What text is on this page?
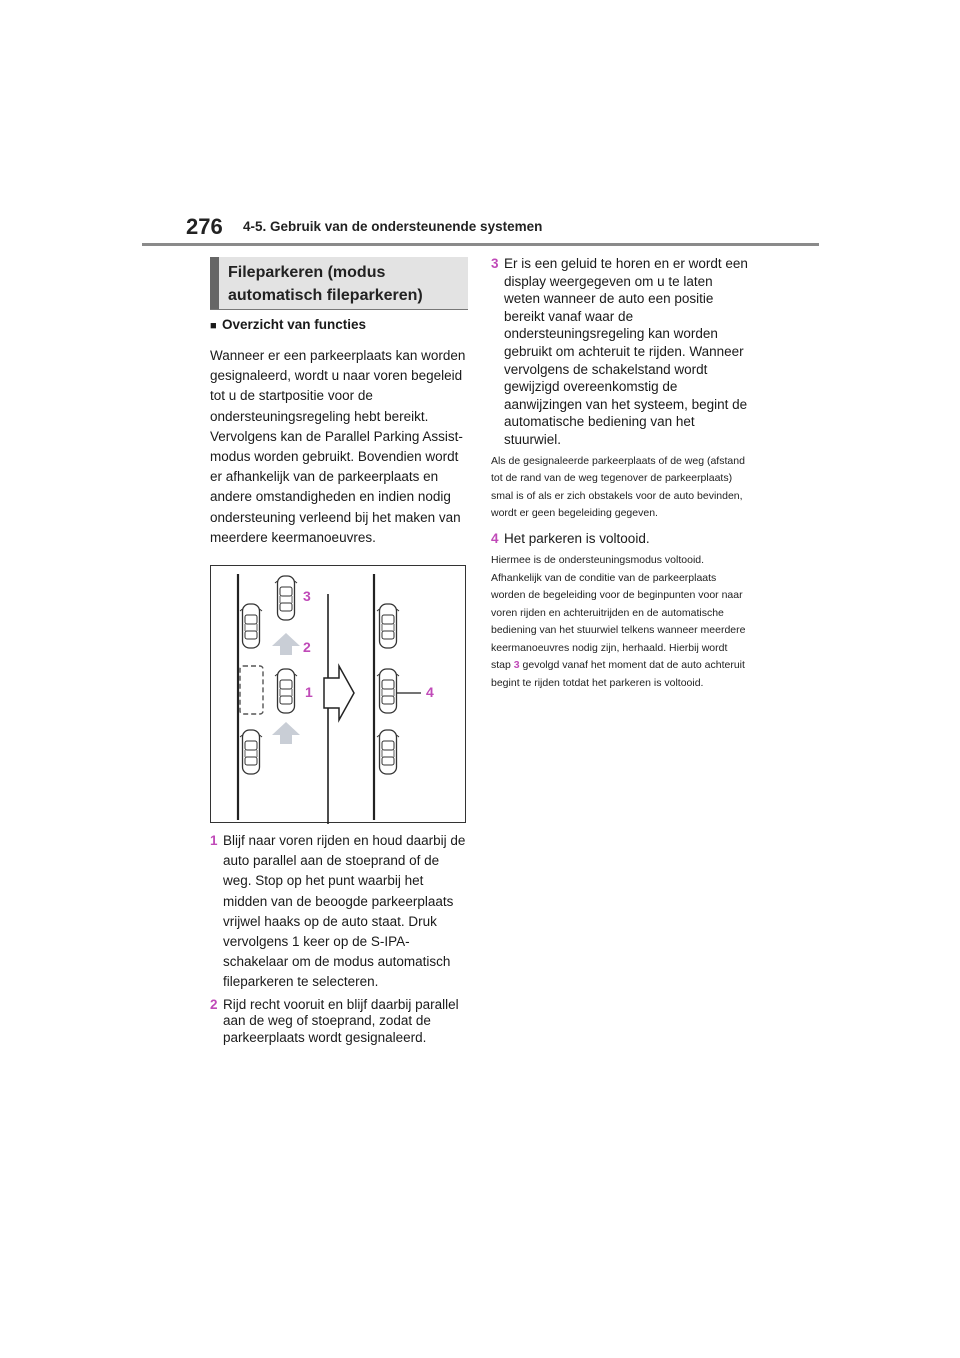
276 4-5. Gebruik van de ondersteunende systemen
Fileparkeren (modus
automatisch fileparkeren)
■ Overzicht van functies

Wanneer er een parkeerplaats kan worden gesignaleerd, wordt u naar voren begeleid tot u de startpositie voor de ondersteuningsregeling hebt bereikt. Vervolgens kan de Parallel Parking Assist-modus worden gebruikt. Bovendien wordt er afhankelijk van de parkeerplaats en andere omstandigheden en indien nodig ondersteuning verleend bij het maken van meerdere keermanoeuvres.

3
2
1	4
1 Blijf naar voren rijden en houd daarbij de auto parallel aan de stoeprand of de weg. Stop op het punt waarbij het midden van de beoogde parkeerplaats vrijwel haaks op de auto staat. Druk vervolgens 1 keer op de S-IPA-schakelaar om de modus automatisch fileparkeren te selecteren.
2 Rijd recht vooruit en blijf daarbij parallel aan de weg of stoeprand, zodat de parkeerplaats wordt gesignaleerd.
3 Er is een geluid te horen en er wordt een display weergegeven om u te laten weten wanneer de auto een positie bereikt vanaf waar de ondersteuningsregeling kan worden gebruikt om achteruit te rijden. Wanneer vervolgens de schakelstand wordt gewijzigd overeenkomstig de aanwijzingen van het systeem, begint de automatische bediening van het stuurwiel.

Als de gesignaleerde parkeerplaats of de weg (afstand tot de rand van de weg tegenover de parkeerplaats) smal is of als er zich obstakels voor de auto bevinden, wordt er geen begeleiding gegeven.

4 Het parkeren is voltooid.

Hiermee is de ondersteuningsmodus voltooid. Afhankelijk van de conditie van de parkeerplaats worden de begeleiding voor de beginpunten voor naar voren rijden en achteruitrijden en de automatische bediening van het stuurwiel telkens wanneer meerdere keermanoeuvres nodig zijn, herhaald. Hierbij wordt stap 3 gevolgd vanaf het moment dat de auto achteruit begint te rijden totdat het parkeren is voltooid.
